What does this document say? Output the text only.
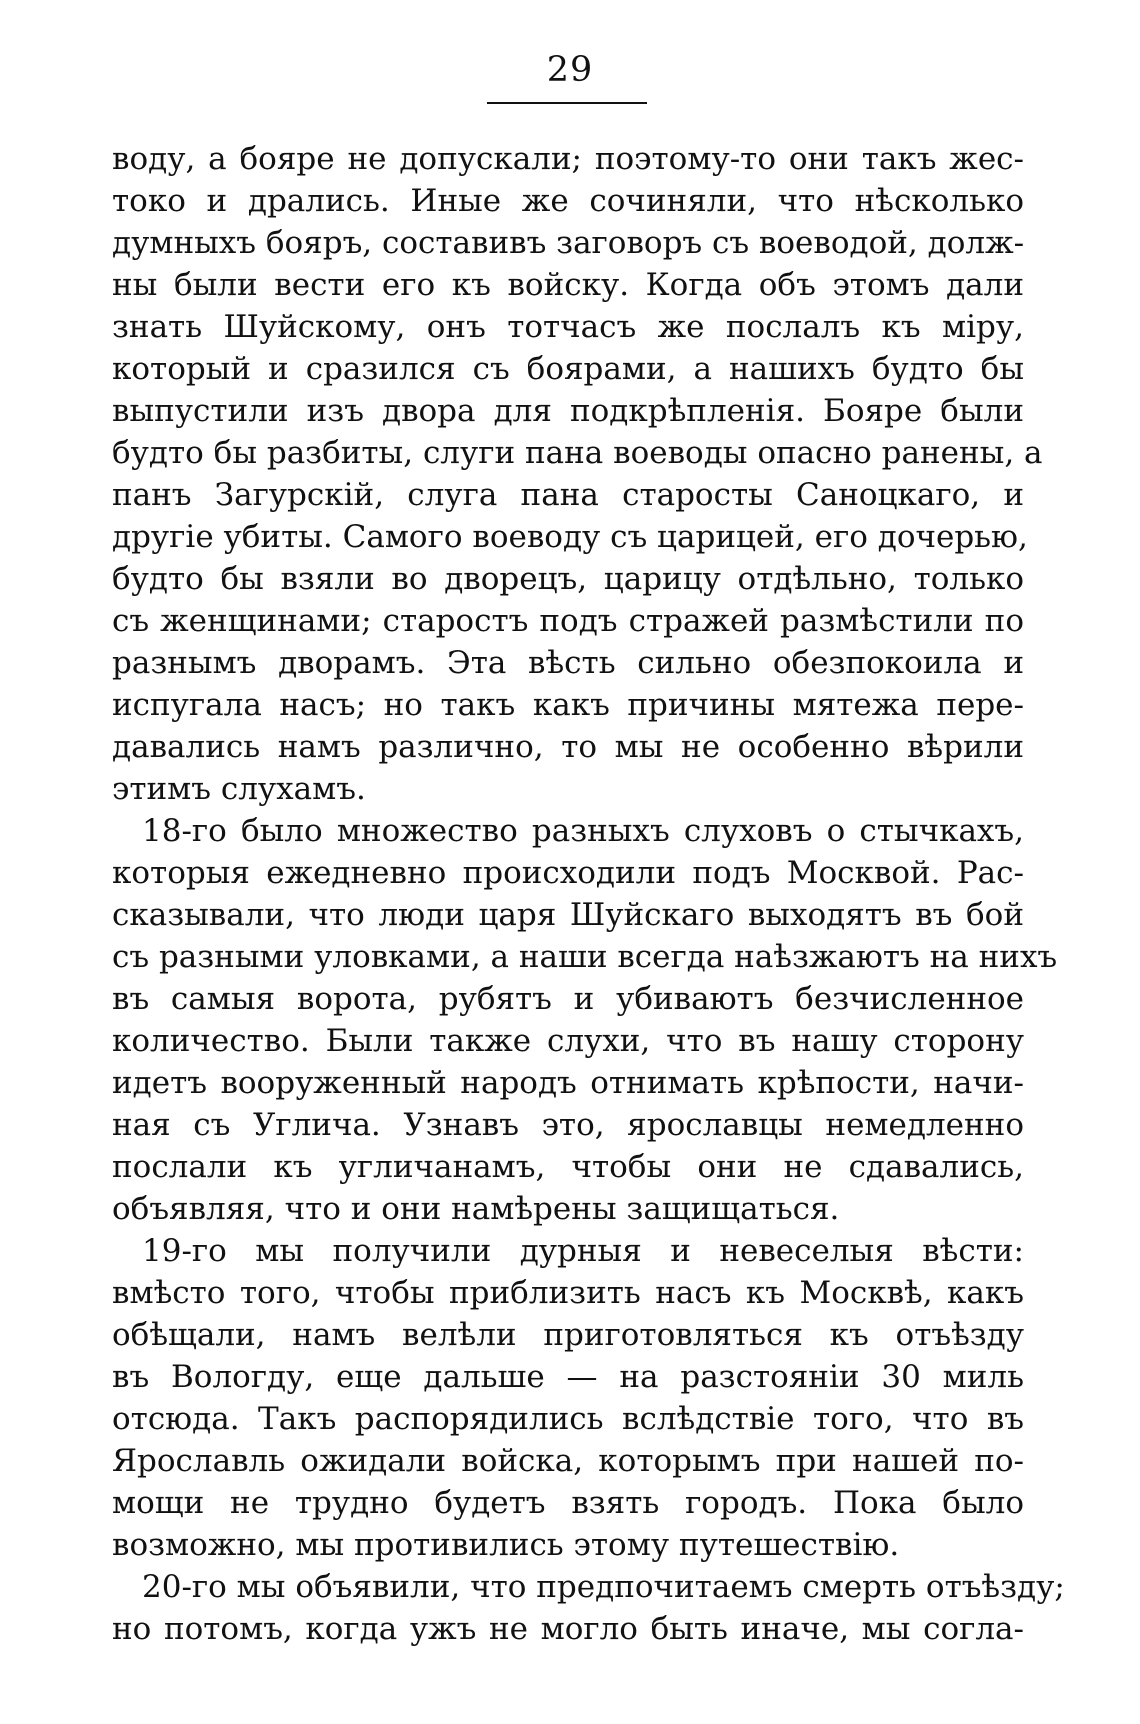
29
воду, а бояре не допускали; поэтому-то они такъ жес-
токо и дрались. Иные же сочиняли, что нѣсколько
думныхъ бояръ, составивъ заговоръ съ воеводой, долж-
ны были вести его къ войску. Когда объ этомъ дали
знать Шуйскому, онъ тотчасъ же послалъ къ міру,
который и сразился съ боярами, а нашихъ будто бы
выпустили изъ двора для подкрѣпленія. Бояре были
будто бы разбиты, слуги пана воеводы опасно ранены, а
панъ Загурскій, слуга пана старосты Саноцкаго, и
другіе убиты. Самого воеводу съ царицей, его дочерью,
будто бы взяли во дворецъ, царицу отдѣльно, только
съ женщинами; старостъ подъ стражей размѣстили по
разнымъ дворамъ. Эта вѣсть сильно обезпокоила и
испугала насъ; но такъ какъ причины мятежа пере-
давались намъ различно, то мы не особенно вѣрили
этимъ слухамъ.
18-го было множество разныхъ слуховъ о стычкахъ,
которыя ежедневно происходили подъ Москвой. Рас-
сказывали, что люди царя Шуйскаго выходятъ въ бой
съ разными уловками, а наши всегда наѣзжаютъ на нихъ
въ самыя ворота, рубятъ и убиваютъ безчисленное
количество. Были также слухи, что въ нашу сторону
идетъ вооруженный народъ отнимать крѣпости, начи-
ная съ Углича. Узнавъ это, ярославцы немедленно
послали къ угличанамъ, чтобы они не сдавались,
объявляя, что и они намѣрены защищаться.
19-го мы получили дурныя и невеселыя вѣсти:
вмѣсто того, чтобы приблизить насъ къ Москвѣ, какъ
обѣщали, намъ велѣли приготовляться къ отъѣзду
въ Вологду, еще дальше — на разстояніи 30 миль
отсюда. Такъ распорядились вслѣдствіе того, что въ
Ярославль ожидали войска, которымъ при нашей по-
мощи не трудно будетъ взять городъ. Пока было
возможно, мы противились этому путешествію.
20-го мы объявили, что предпочитаемъ смерть отъѣзду;
но потомъ, когда ужъ не могло быть иначе, мы согла-
